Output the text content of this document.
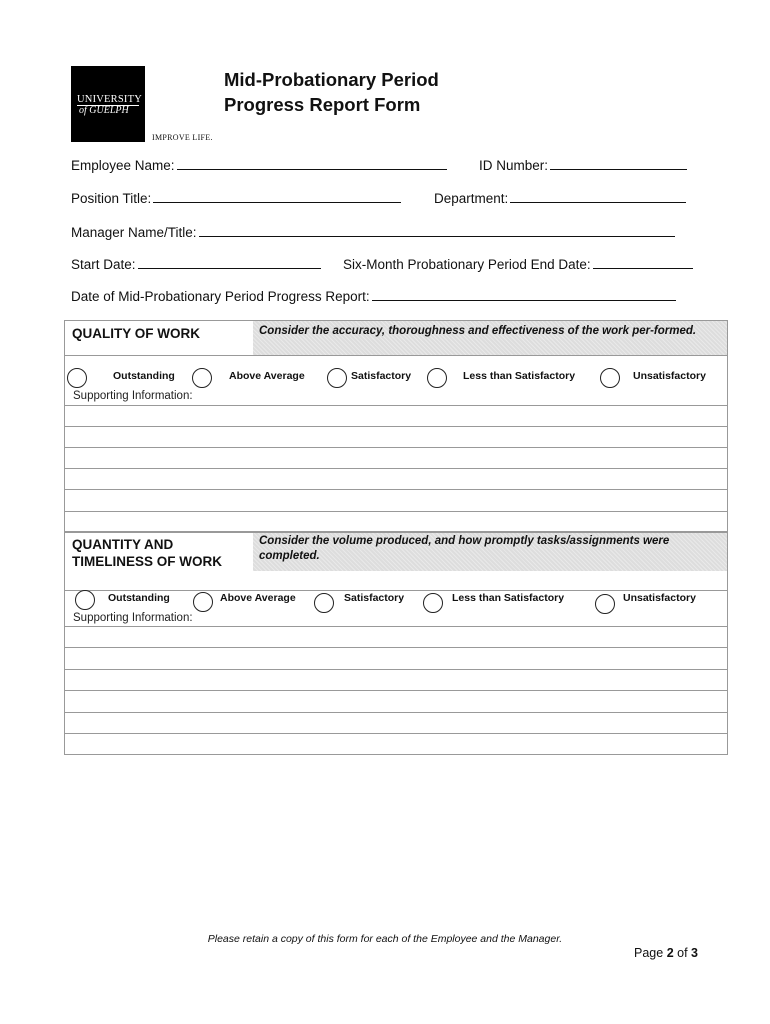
UNIVERSITY
of GUELPH
IMPROVE LIFE.
Mid-Probationary Period
Progress Report Form
Employee Name:	ID Number:
Position Title:	Department:
Manager Name/Title:
Start Date:	Six-Month Probationary Period End Date:
Date of Mid-Probationary Period Progress Report:
QUALITY OF WORK	Consider the accuracy, thoroughness and effectiveness of the work per-formed.
Outstanding	Above Average	Satisfactory	Less than Satisfactory	Unsatisfactory
Supporting Information:
QUANTITY AND
TIMELINESS OF WORK
Consider the volume produced, and how promptly tasks/assignments were completed.
Outstanding	Above Average	Satisfactory	Less than Satisfactory	Unsatisfactory
Supporting Information:
Please retain a copy of this form for each of the Employee and the Manager.
Page 2 of 3
